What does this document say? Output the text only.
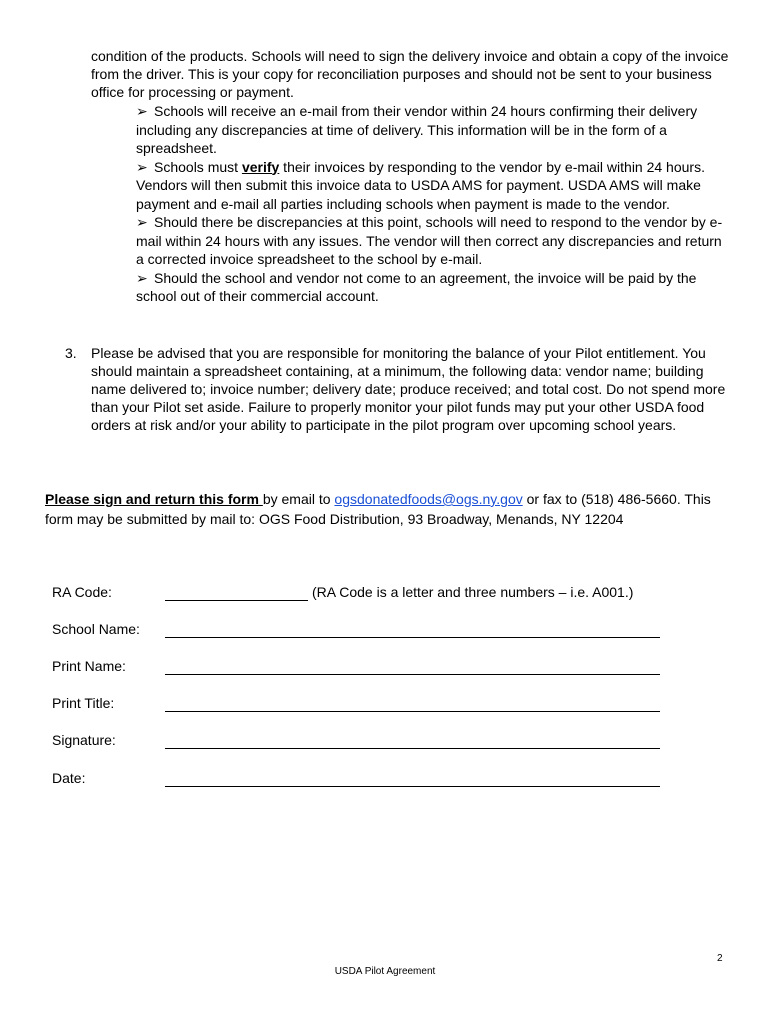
condition of the products. Schools will need to sign the delivery invoice and obtain a copy of the invoice from the driver. This is your copy for reconciliation purposes and should not be sent to your business office for processing or payment.

➢ Schools will receive an e-mail from their vendor within 24 hours confirming their delivery including any discrepancies at time of delivery. This information will be in the form of a spreadsheet.
➢ Schools must verify their invoices by responding to the vendor by e-mail within 24 hours. Vendors will then submit this invoice data to USDA AMS for payment. USDA AMS will make payment and e-mail all parties including schools when payment is made to the vendor.
➢ Should there be discrepancies at this point, schools will need to respond to the vendor by e-mail within 24 hours with any issues. The vendor will then correct any discrepancies and return a corrected invoice spreadsheet to the school by e-mail.
➢ Should the school and vendor not come to an agreement, the invoice will be paid by the school out of their commercial account.
3.	Please be advised that you are responsible for monitoring the balance of your Pilot entitlement. You should maintain a spreadsheet containing, at a minimum, the following data: vendor name; building name delivered to; invoice number; delivery date; produce received; and total cost. Do not spend more than your Pilot set aside. Failure to properly monitor your pilot funds may put your other USDA food orders at risk and/or your ability to participate in the pilot program over upcoming school years.
Please sign and return this form by email to ogsdonatedfoods@ogs.ny.gov or fax to (518) 486-5660. This form may be submitted by mail to: OGS Food Distribution, 93 Broadway, Menands, NY 12204
RA Code:	(RA Code is a letter and three numbers – i.e. A001.)
School Name:
Print Name:
Print Title:
Signature:
Date:
2
USDA Pilot Agreement
